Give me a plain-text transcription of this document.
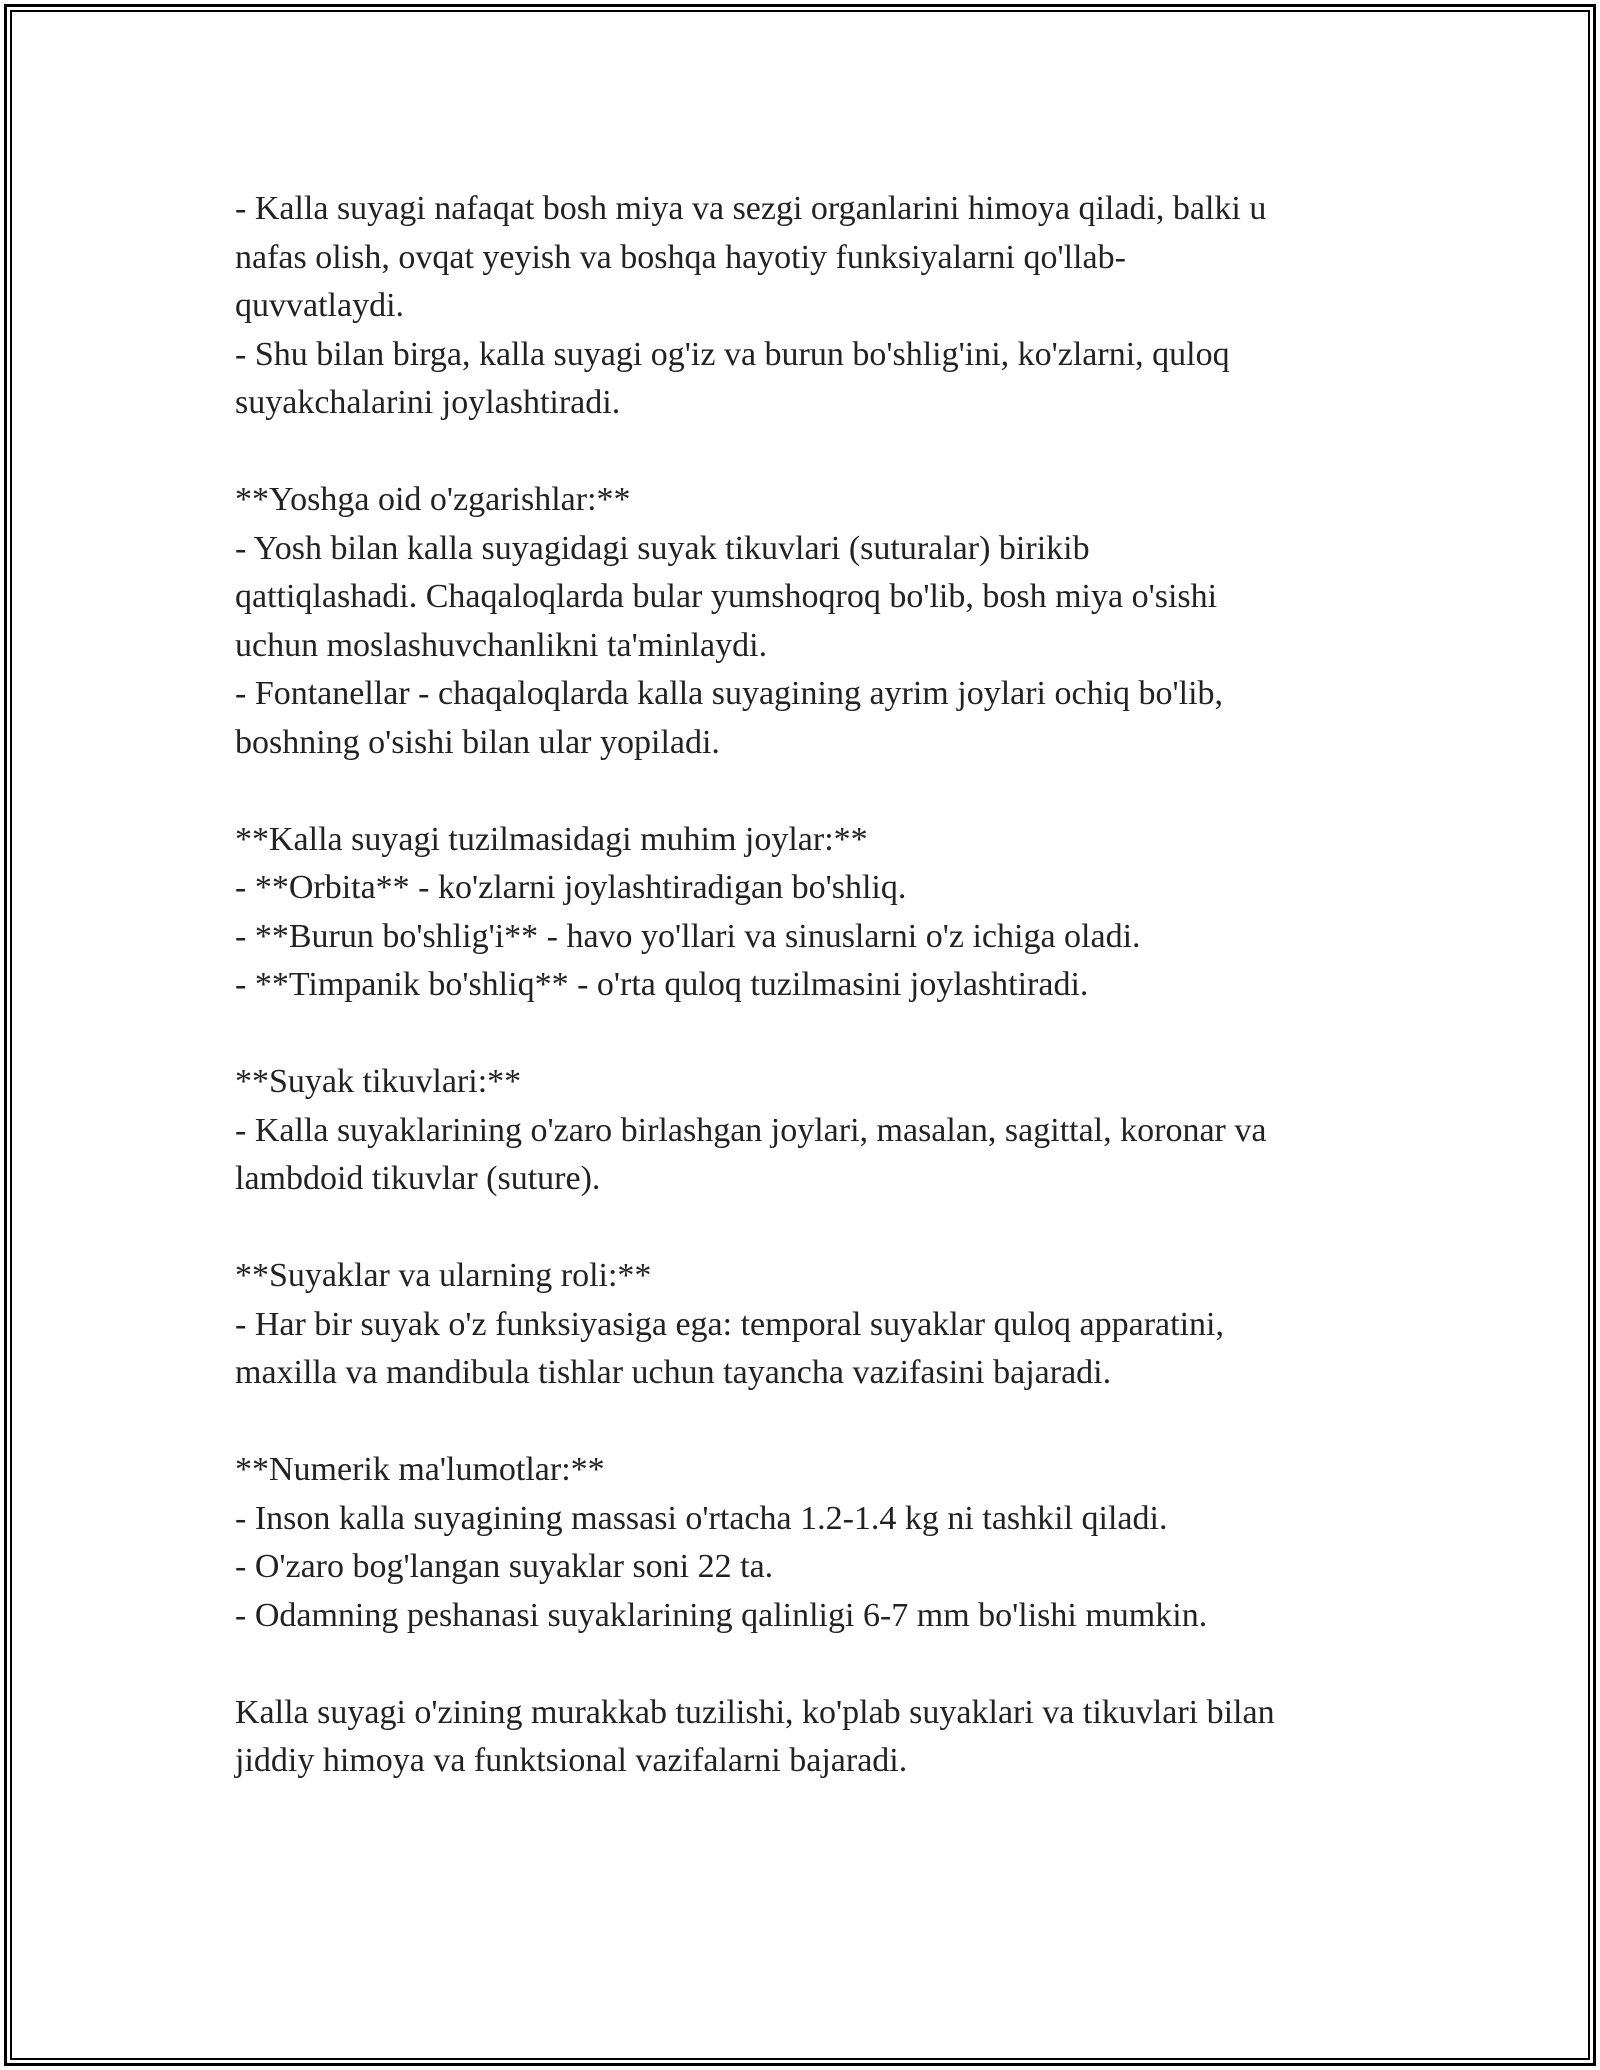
- Kalla suyagi nafaqat bosh miya va sezgi organlarini himoya qiladi, balki u
nafas olish, ovqat yeyish va boshqa hayotiy funksiyalarni qo'llab-
quvvatlaydi.
- Shu bilan birga, kalla suyagi og'iz va burun bo'shlig'ini, ko'zlarni, quloq
suyakchalarini joylashtiradi.
**Yoshga oid o'zgarishlar:**
- Yosh bilan kalla suyagidagi suyak tikuvlari (suturalar) birikib
qattiqlashadi. Chaqaloqlarda bular yumshoqroq bo'lib, bosh miya o'sishi
uchun moslashuvchanlikni ta'minlaydi.
- Fontanellar - chaqaloqlarda kalla suyagining ayrim joylari ochiq bo'lib,
boshning o'sishi bilan ular yopiladi.
**Kalla suyagi tuzilmasidagi muhim joylar:**
- **Orbita** - ko'zlarni joylashtiradigan bo'shliq.
- **Burun bo'shlig'i** - havo yo'llari va sinuslarni o'z ichiga oladi.
- **Timpanik bo'shliq** - o'rta quloq tuzilmasini joylashtiradi.
**Suyak tikuvlari:**
- Kalla suyaklarining o'zaro birlashgan joylari, masalan, sagittal, koronar va
lambdoid tikuvlar (suture).
**Suyaklar va ularning roli:**
- Har bir suyak o'z funksiyasiga ega: temporal suyaklar quloq apparatini,
maxilla va mandibula tishlar uchun tayancha vazifasini bajaradi.
**Numerik ma'lumotlar:**
- Inson kalla suyagining massasi o'rtacha 1.2-1.4 kg ni tashkil qiladi.
- O'zaro bog'langan suyaklar soni 22 ta.
- Odamning peshanasi suyaklarining qalinligi 6-7 mm bo'lishi mumkin.
Kalla suyagi o'zining murakkab tuzilishi, ko'plab suyaklari va tikuvlari bilan
jiddiy himoya va funktsional vazifalarni bajaradi.
